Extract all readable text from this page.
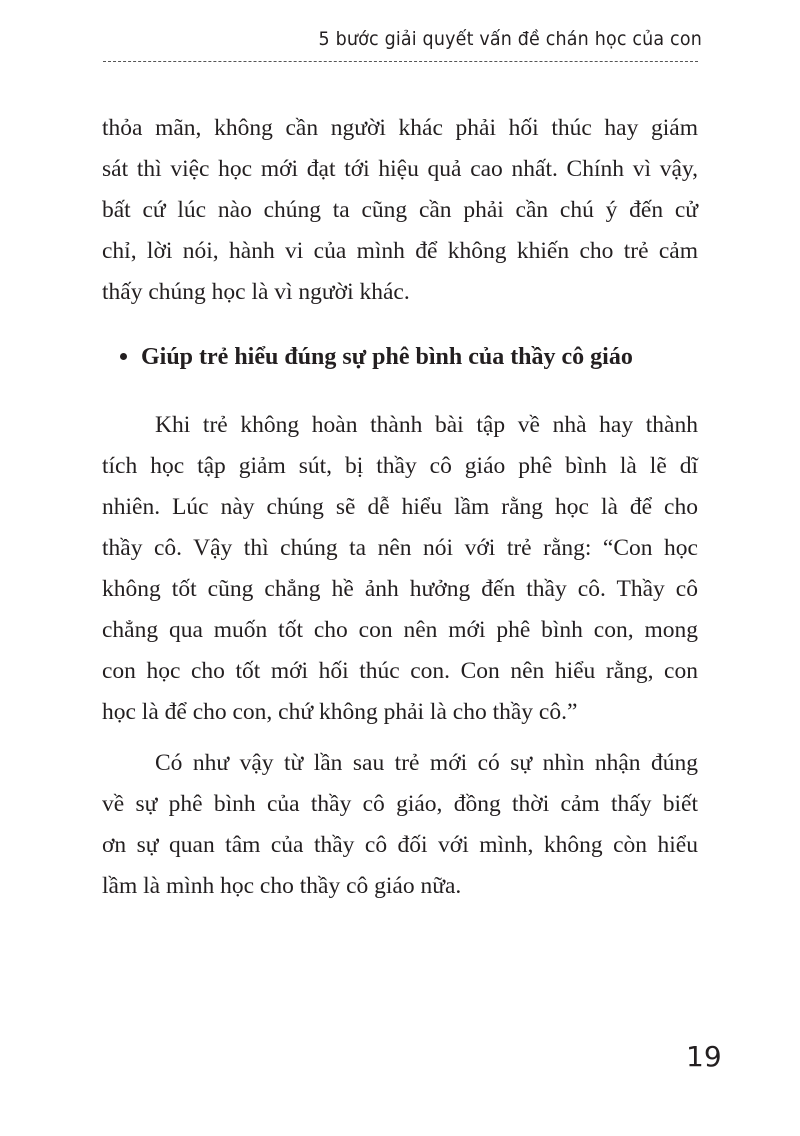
5 bước giải quyết vấn đề chán học của con
thỏa mãn, không cần người khác phải hối thúc hay giám
sát thì việc học mới đạt tới hiệu quả cao nhất. Chính vì vậy,
bất cứ lúc nào chúng ta cũng cần phải cần chú ý đến cử
chỉ, lời nói, hành vi của mình để không khiến cho trẻ cảm
thấy chúng học là vì người khác.
Giúp trẻ hiểu đúng sự phê bình của thầy cô giáo
Khi trẻ không hoàn thành bài tập về nhà hay thành
tích học tập giảm sút, bị thầy cô giáo phê bình là lẽ dĩ
nhiên. Lúc này chúng sẽ dễ hiểu lầm rằng học là để cho
thầy cô. Vậy thì chúng ta nên nói với trẻ rằng: “Con học
không tốt cũng chẳng hề ảnh hưởng đến thầy cô. Thầy cô
chẳng qua muốn tốt cho con nên mới phê bình con, mong
con học cho tốt mới hối thúc con. Con nên hiểu rằng, con
học là để cho con, chứ không phải là cho thầy cô.”
Có như vậy từ lần sau trẻ mới có sự nhìn nhận đúng
về sự phê bình của thầy cô giáo, đồng thời cảm thấy biết
ơn sự quan tâm của thầy cô đối với mình, không còn hiểu
lầm là mình học cho thầy cô giáo nữa.
19
